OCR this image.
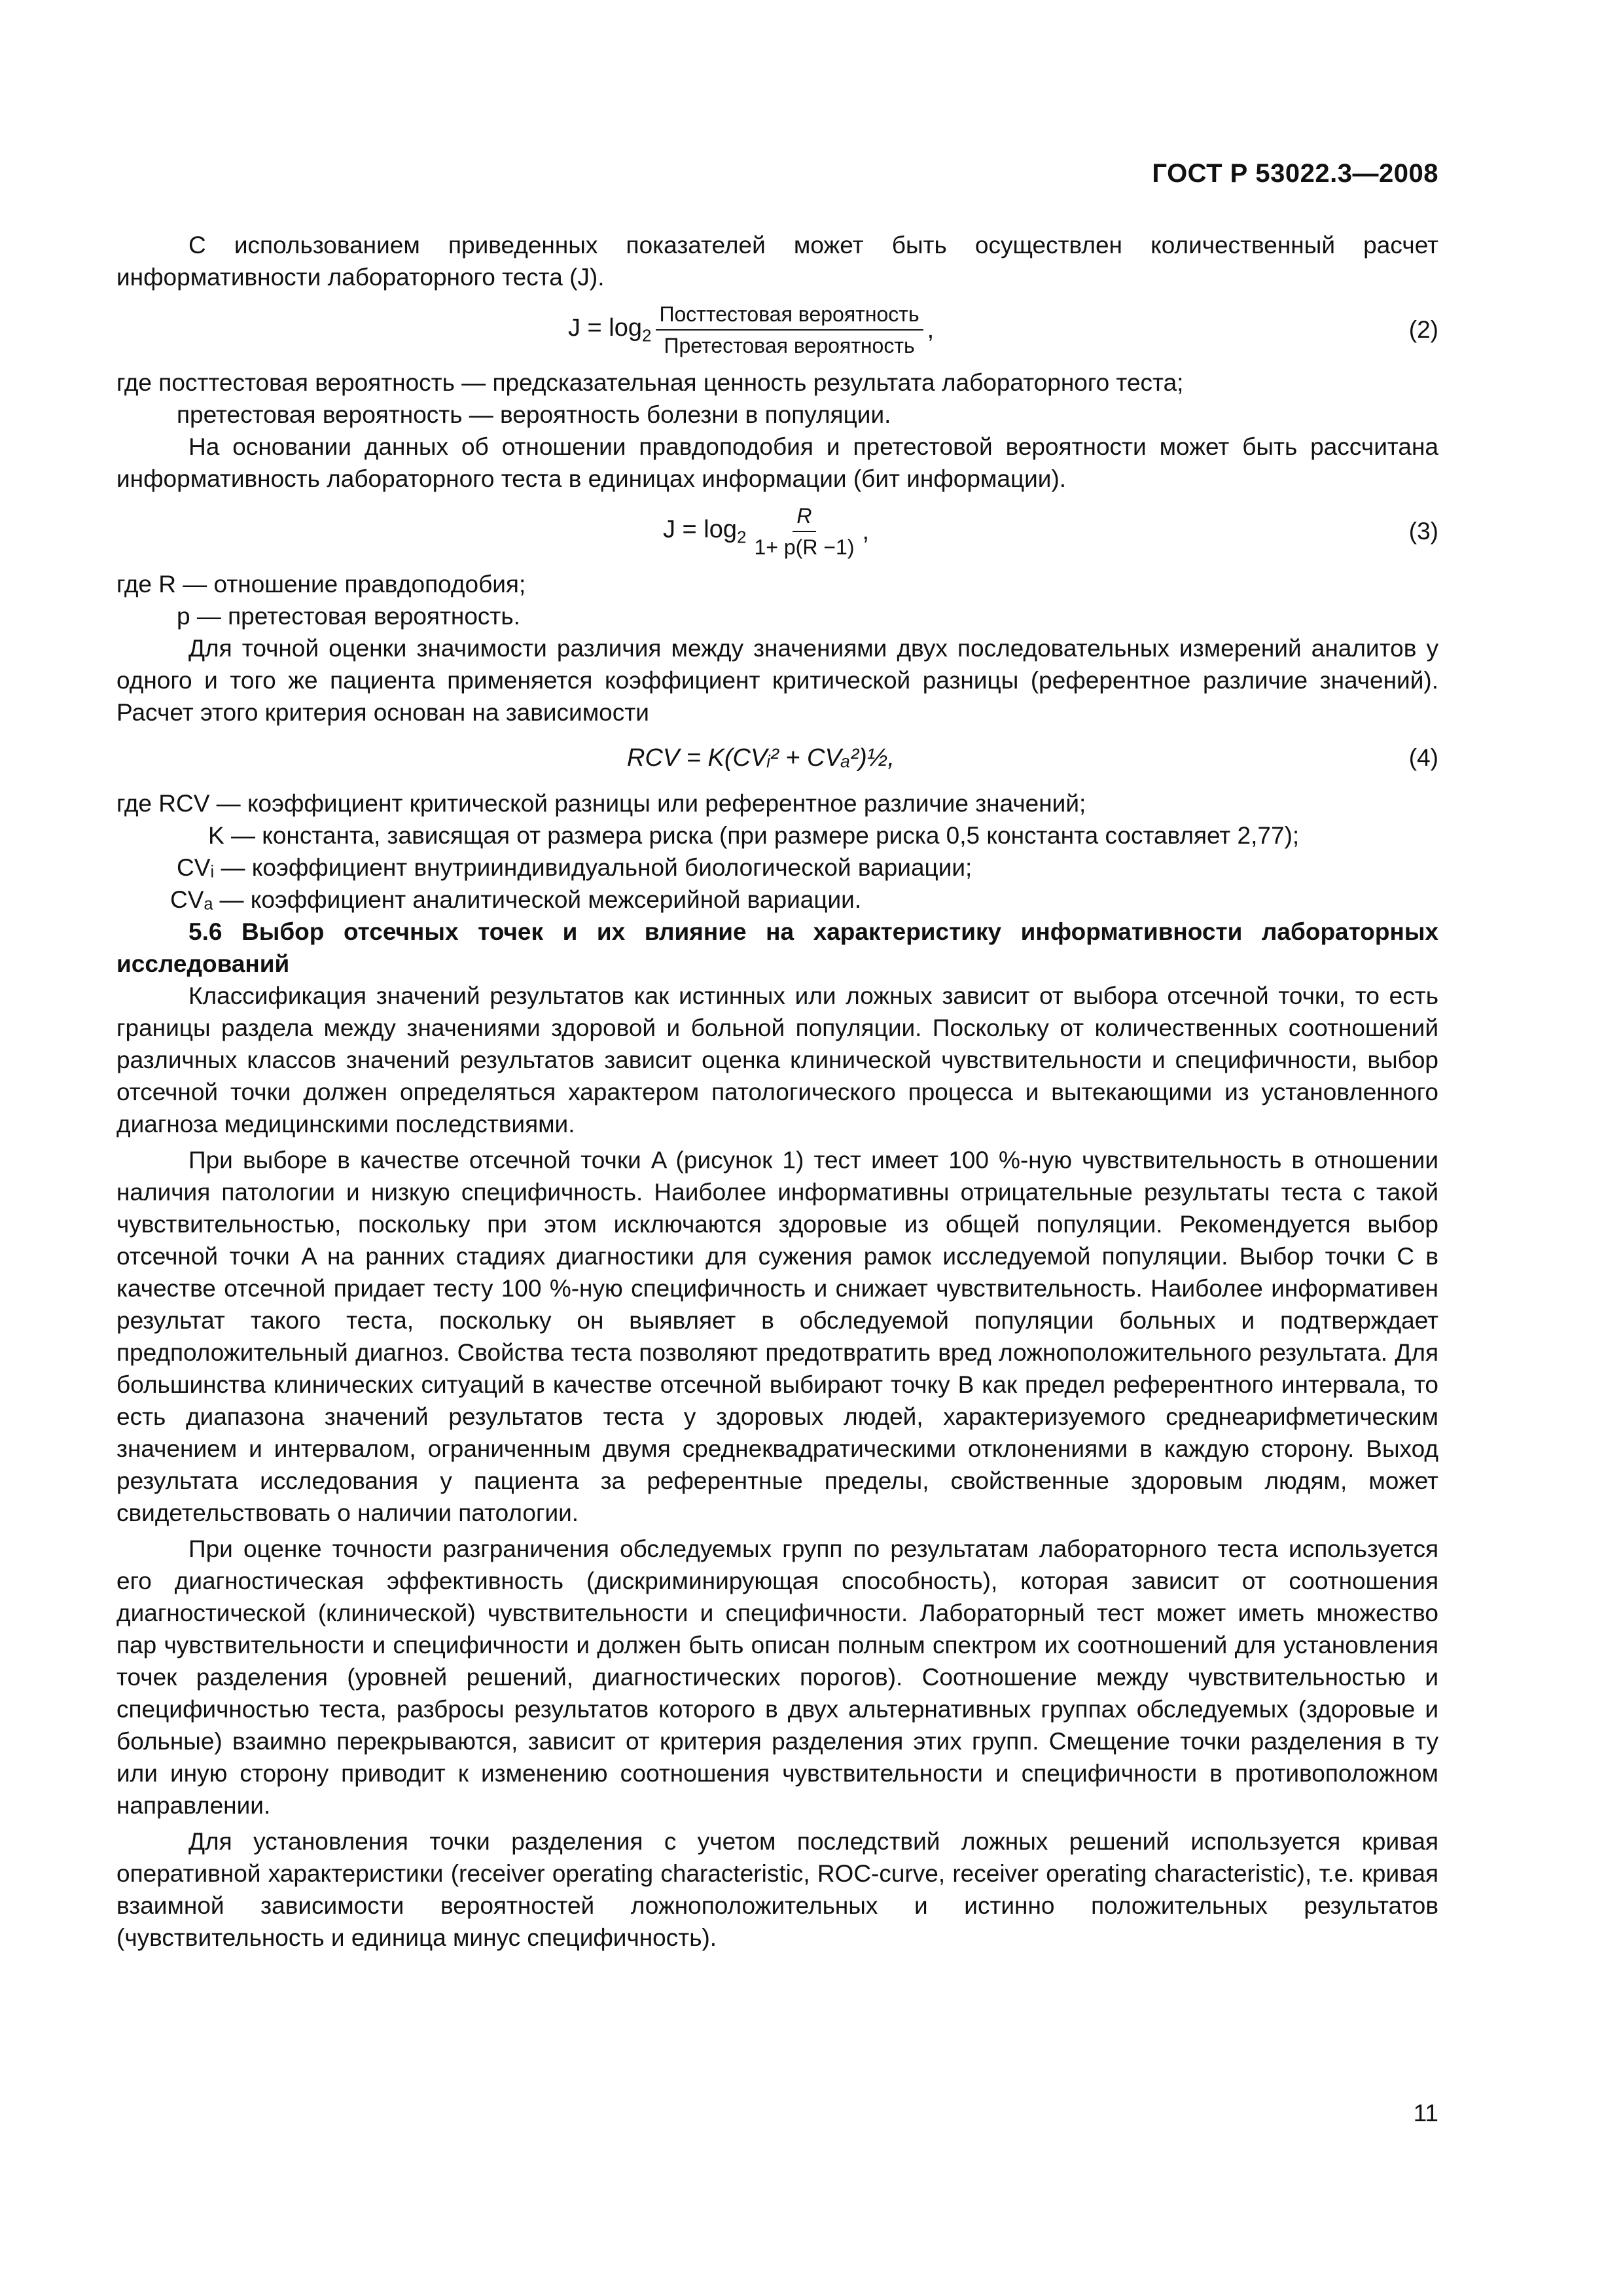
ГОСТ Р 53022.3—2008

С использованием приведенных показателей может быть осуществлен количественный расчет информативности лабораторного теста (J).

$J = \log_2 \frac{\text{Посттестовая вероятность}}{\text{Претестовая вероятность}}$ ,	(2)

где посттестовая вероятность — предсказательная ценность результата лабораторного теста;

претестовая вероятность — вероятность болезни в популяции.

На основании данных об отношении правдоподобия и претестовой вероятности может быть рассчитана информативность лабораторного теста в единицах информации (бит информации).

$J = \log_2 \frac{R}{1+ p(R -1)}$ ,	(3)

где R — отношение правдоподобия;

p — претестовая вероятность.

Для точной оценки значимости различия между значениями двух последовательных измерений аналитов у одного и того же пациента применяется коэффициент критической разницы (референтное различие значений). Расчет этого критерия основан на зависимости

RCV = K(CVᵢ² + CVₐ²)½,	(4)

где RCV — коэффициент критической разницы или референтное различие значений;

K — константа, зависящая от размера риска (при размере риска 0,5 константа составляет 2,77);

CVᵢ — коэффициент внутрииндивидуальной биологической вариации;

CVₐ — коэффициент аналитической межсерийной вариации.

5.6 Выбор отсечных точек и их влияние на характеристику информативности лабораторных исследований

Классификация значений результатов как истинных или ложных зависит от выбора отсечной точки, то есть границы раздела между значениями здоровой и больной популяции. Поскольку от количественных соотношений различных классов значений результатов зависит оценка клинической чувствительности и специфичности, выбор отсечной точки должен определяться характером патологического процесса и вытекающими из установленного диагноза медицинскими последствиями.

При выборе в качестве отсечной точки A (рисунок 1) тест имеет 100 %-ную чувствительность в отношении наличия патологии и низкую специфичность. Наиболее информативны отрицательные результаты теста с такой чувствительностью, поскольку при этом исключаются здоровые из общей популяции. Рекомендуется выбор отсечной точки A на ранних стадиях диагностики для сужения рамок исследуемой популяции. Выбор точки C в качестве отсечной придает тесту 100 %-ную специфичность и снижает чувствительность. Наиболее информативен результат такого теста, поскольку он выявляет в обследуемой популяции больных и подтверждает предположительный диагноз. Свойства теста позволяют предотвратить вред ложноположительного результата. Для большинства клинических ситуаций в качестве отсечной выбирают точку B как предел референтного интервала, то есть диапазона значений результатов теста у здоровых людей, характеризуемого среднеарифметическим значением и интервалом, ограниченным двумя среднеквадратическими отклонениями в каждую сторону. Выход результата исследования у пациента за референтные пределы, свойственные здоровым людям, может свидетельствовать о наличии патологии.

При оценке точности разграничения обследуемых групп по результатам лабораторного теста используется его диагностическая эффективность (дискриминирующая способность), которая зависит от соотношения диагностической (клинической) чувствительности и специфичности. Лабораторный тест может иметь множество пар чувствительности и специфичности и должен быть описан полным спектром их соотношений для установления точек разделения (уровней решений, диагностических порогов). Соотношение между чувствительностью и специфичностью теста, разбросы результатов которого в двух альтернативных группах обследуемых (здоровые и больные) взаимно перекрываются, зависит от критерия разделения этих групп. Смещение точки разделения в ту или иную сторону приводит к изменению соотношения чувствительности и специфичности в противоположном направлении.

Для установления точки разделения с учетом последствий ложных решений используется кривая оперативной характеристики (receiver operating characteristic, ROC-curve, receiver operating characteristic), т.е. кривая взаимной зависимости вероятностей ложноположительных и истинно положительных результатов (чувствительность и единица минус специфичность).

11
